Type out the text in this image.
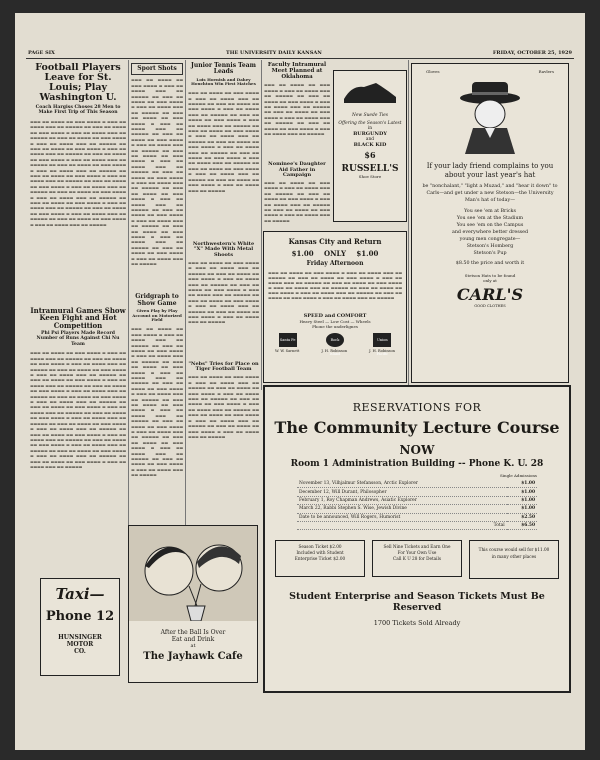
PAGE SIX	THE UNIVERSITY DAILY KANSAN	FRIDAY, OCTOBER 25, 1929
Football Players Leave for St. Louis; Play Washington U.
Coach Hargiss Choses 28 Men to Make First Trip of This Season
▬▬▬ ▬▬ ▬▬▬▬ ▬▬ ▬▬▬ ▬▬▬▬ ▬ ▬▬▬ ▬▬ ▬▬▬▬ ▬▬▬ ▬▬ ▬▬▬▬▬ ▬▬ ▬▬▬ ▬▬ ▬▬▬▬ ▬▬ ▬▬▬ ▬▬▬▬ ▬ ▬▬▬ ▬▬ ▬▬▬▬ ▬▬▬ ▬▬ ▬▬▬▬▬ ▬▬ ▬▬▬ ▬▬ ▬▬▬▬ ▬▬ ▬▬▬ ▬▬▬▬ ▬ ▬▬▬ ▬▬ ▬▬▬▬ ▬▬▬ ▬▬ ▬▬▬▬▬ ▬▬ ▬▬▬ ▬▬ ▬▬▬▬ ▬▬ ▬▬▬ ▬▬▬▬ ▬ ▬▬▬ ▬▬ ▬▬▬▬ ▬▬▬ ▬▬ ▬▬▬▬▬ ▬▬ ▬▬▬ ▬▬ ▬▬▬▬ ▬▬ ▬▬▬ ▬▬▬▬ ▬ ▬▬▬ ▬▬ ▬▬▬▬ ▬▬▬ ▬▬ ▬▬▬▬▬ ▬▬ ▬▬▬ ▬▬ ▬▬▬▬ ▬▬ ▬▬▬ ▬▬▬▬ ▬ ▬▬▬ ▬▬ ▬▬▬▬ ▬▬▬ ▬▬ ▬▬▬▬▬ ▬▬ ▬▬▬ ▬▬ ▬▬▬▬ ▬▬ ▬▬▬ ▬▬▬▬ ▬ ▬▬▬ ▬▬ ▬▬▬▬ ▬▬▬ ▬▬ ▬▬▬▬▬ ▬▬ ▬▬▬ ▬▬ ▬▬▬▬ ▬▬ ▬▬▬ ▬▬▬▬ ▬ ▬▬▬ ▬▬ ▬▬▬▬ ▬▬▬ ▬▬ ▬▬▬▬▬ ▬▬ ▬▬▬ ▬▬ ▬▬▬▬ ▬▬ ▬▬▬ ▬▬▬▬ ▬ ▬▬▬ ▬▬ ▬▬▬▬ ▬▬▬ ▬▬ ▬▬▬▬▬ ▬▬ ▬▬▬ ▬▬ ▬▬▬▬ ▬▬ ▬▬▬ ▬▬▬▬ ▬ ▬▬▬ ▬▬ ▬▬▬▬ ▬▬▬ ▬▬ ▬▬▬▬▬ ▬▬ ▬▬▬ ▬▬ ▬▬▬▬ ▬▬ ▬▬▬ ▬▬▬▬ ▬ ▬▬▬ ▬▬ ▬▬▬▬ ▬▬▬ ▬▬ ▬▬▬▬▬ ▬▬ ▬▬▬ ▬▬ ▬▬▬▬ ▬▬ ▬▬▬ ▬▬▬▬ ▬ ▬▬▬ ▬▬ ▬▬▬▬ ▬▬▬ ▬▬ ▬▬▬▬▬
Intramural Games Show Keen Fight and Hot Competition
Phi Psi Players Made Record Number of Runs Against Chi Nu Team
▬▬▬ ▬▬ ▬▬▬▬ ▬▬ ▬▬▬ ▬▬▬▬ ▬ ▬▬▬ ▬▬ ▬▬▬▬ ▬▬▬ ▬▬ ▬▬▬▬▬ ▬▬ ▬▬▬ ▬▬ ▬▬▬▬ ▬▬ ▬▬▬ ▬▬▬▬ ▬ ▬▬▬ ▬▬ ▬▬▬▬ ▬▬▬ ▬▬ ▬▬▬▬▬ ▬▬ ▬▬▬ ▬▬ ▬▬▬▬ ▬▬ ▬▬▬ ▬▬▬▬ ▬ ▬▬▬ ▬▬ ▬▬▬▬ ▬▬▬ ▬▬ ▬▬▬▬▬ ▬▬ ▬▬▬ ▬▬ ▬▬▬▬ ▬▬ ▬▬▬ ▬▬▬▬ ▬ ▬▬▬ ▬▬ ▬▬▬▬ ▬▬▬ ▬▬ ▬▬▬▬▬ ▬▬ ▬▬▬ ▬▬ ▬▬▬▬ ▬▬ ▬▬▬ ▬▬▬▬ ▬ ▬▬▬ ▬▬ ▬▬▬▬ ▬▬▬ ▬▬ ▬▬▬▬▬ ▬▬ ▬▬▬ ▬▬ ▬▬▬▬ ▬▬ ▬▬▬ ▬▬▬▬ ▬ ▬▬▬ ▬▬ ▬▬▬▬ ▬▬▬ ▬▬ ▬▬▬▬▬ ▬▬ ▬▬▬ ▬▬ ▬▬▬▬ ▬▬ ▬▬▬ ▬▬▬▬ ▬ ▬▬▬ ▬▬ ▬▬▬▬ ▬▬▬ ▬▬ ▬▬▬▬▬ ▬▬ ▬▬▬ ▬▬ ▬▬▬▬ ▬▬ ▬▬▬ ▬▬▬▬ ▬ ▬▬▬ ▬▬ ▬▬▬▬ ▬▬▬ ▬▬ ▬▬▬▬▬ ▬▬ ▬▬▬ ▬▬ ▬▬▬▬ ▬▬ ▬▬▬ ▬▬▬▬ ▬ ▬▬▬ ▬▬ ▬▬▬▬ ▬▬▬ ▬▬ ▬▬▬▬▬ ▬▬ ▬▬▬ ▬▬ ▬▬▬▬ ▬▬ ▬▬▬ ▬▬▬▬ ▬ ▬▬▬ ▬▬ ▬▬▬▬ ▬▬▬ ▬▬ ▬▬▬▬▬ ▬▬ ▬▬▬ ▬▬ ▬▬▬▬ ▬▬ ▬▬▬ ▬▬▬▬ ▬ ▬▬▬ ▬▬ ▬▬▬▬ ▬▬▬ ▬▬ ▬▬▬▬▬ ▬▬ ▬▬▬ ▬▬ ▬▬▬▬ ▬▬ ▬▬▬ ▬▬▬▬ ▬ ▬▬▬ ▬▬ ▬▬▬▬ ▬▬▬ ▬▬ ▬▬▬▬▬ ▬▬ ▬▬▬ ▬▬ ▬▬▬▬ ▬▬ ▬▬▬ ▬▬▬▬ ▬ ▬▬▬ ▬▬ ▬▬▬▬ ▬▬▬ ▬▬ ▬▬▬▬▬
Taxi—
Phone 12
HUNSINGER
MOTOR
CO.
Sport Shots
▬▬▬ ▬▬ ▬▬▬▬ ▬▬ ▬▬▬ ▬▬▬▬ ▬ ▬▬▬ ▬▬ ▬▬▬▬ ▬▬▬ ▬▬ ▬▬▬▬▬ ▬▬ ▬▬▬ ▬▬ ▬▬▬▬ ▬▬ ▬▬▬ ▬▬▬▬ ▬ ▬▬▬ ▬▬ ▬▬▬▬ ▬▬▬ ▬▬ ▬▬▬▬▬ ▬▬ ▬▬▬ ▬▬ ▬▬▬▬ ▬▬ ▬▬▬ ▬▬▬▬ ▬ ▬▬▬ ▬▬ ▬▬▬▬ ▬▬▬ ▬▬ ▬▬▬▬▬ ▬▬ ▬▬▬ ▬▬ ▬▬▬▬ ▬▬ ▬▬▬ ▬▬▬▬ ▬ ▬▬▬ ▬▬ ▬▬▬▬ ▬▬▬ ▬▬ ▬▬▬▬▬ ▬▬ ▬▬▬ ▬▬ ▬▬▬▬ ▬▬ ▬▬▬ ▬▬▬▬ ▬ ▬▬▬ ▬▬ ▬▬▬▬ ▬▬▬ ▬▬ ▬▬▬▬▬ ▬▬ ▬▬▬ ▬▬ ▬▬▬▬ ▬▬ ▬▬▬ ▬▬▬▬ ▬ ▬▬▬ ▬▬ ▬▬▬▬ ▬▬▬ ▬▬ ▬▬▬▬▬ ▬▬ ▬▬▬ ▬▬ ▬▬▬▬ ▬▬ ▬▬▬ ▬▬▬▬ ▬ ▬▬▬ ▬▬ ▬▬▬▬ ▬▬▬ ▬▬ ▬▬▬▬▬ ▬▬ ▬▬▬ ▬▬ ▬▬▬▬ ▬▬ ▬▬▬ ▬▬▬▬ ▬ ▬▬▬ ▬▬ ▬▬▬▬ ▬▬▬ ▬▬ ▬▬▬▬▬ ▬▬ ▬▬▬ ▬▬ ▬▬▬▬ ▬▬ ▬▬▬ ▬▬▬▬ ▬ ▬▬▬ ▬▬ ▬▬▬▬ ▬▬▬ ▬▬ ▬▬▬▬▬ ▬▬ ▬▬▬ ▬▬ ▬▬▬▬ ▬▬ ▬▬▬ ▬▬▬▬ ▬ ▬▬▬ ▬▬ ▬▬▬▬ ▬▬▬ ▬▬ ▬▬▬▬▬
Gridgraph to Show Game
Given Play by Play Account on Motorized Field
▬▬▬ ▬▬ ▬▬▬▬ ▬▬ ▬▬▬ ▬▬▬▬ ▬ ▬▬▬ ▬▬ ▬▬▬▬ ▬▬▬ ▬▬ ▬▬▬▬▬ ▬▬ ▬▬▬ ▬▬ ▬▬▬▬ ▬▬ ▬▬▬ ▬▬▬▬ ▬ ▬▬▬ ▬▬ ▬▬▬▬ ▬▬▬ ▬▬ ▬▬▬▬▬ ▬▬ ▬▬▬ ▬▬ ▬▬▬▬ ▬▬ ▬▬▬ ▬▬▬▬ ▬ ▬▬▬ ▬▬ ▬▬▬▬ ▬▬▬ ▬▬ ▬▬▬▬▬ ▬▬ ▬▬▬ ▬▬ ▬▬▬▬ ▬▬ ▬▬▬ ▬▬▬▬ ▬ ▬▬▬ ▬▬ ▬▬▬▬ ▬▬▬ ▬▬ ▬▬▬▬▬ ▬▬ ▬▬▬ ▬▬ ▬▬▬▬ ▬▬ ▬▬▬ ▬▬▬▬ ▬ ▬▬▬ ▬▬ ▬▬▬▬ ▬▬▬ ▬▬ ▬▬▬▬▬ ▬▬ ▬▬▬ ▬▬ ▬▬▬▬ ▬▬ ▬▬▬ ▬▬▬▬ ▬ ▬▬▬ ▬▬ ▬▬▬▬ ▬▬▬ ▬▬ ▬▬▬▬▬ ▬▬ ▬▬▬ ▬▬ ▬▬▬▬ ▬▬ ▬▬▬ ▬▬▬▬ ▬ ▬▬▬ ▬▬ ▬▬▬▬ ▬▬▬ ▬▬ ▬▬▬▬▬ ▬▬ ▬▬▬ ▬▬ ▬▬▬▬ ▬▬ ▬▬▬ ▬▬▬▬ ▬ ▬▬▬ ▬▬ ▬▬▬▬ ▬▬▬ ▬▬ ▬▬▬▬▬
Junior Tennis Team Leads
Lois Hoenish and Dahey Houchton Win First Matches
▬▬▬ ▬▬ ▬▬▬▬ ▬▬ ▬▬▬ ▬▬▬▬ ▬ ▬▬▬ ▬▬ ▬▬▬▬ ▬▬▬ ▬▬ ▬▬▬▬▬ ▬▬ ▬▬▬ ▬▬ ▬▬▬▬ ▬▬ ▬▬▬ ▬▬▬▬ ▬ ▬▬▬ ▬▬ ▬▬▬▬ ▬▬▬ ▬▬ ▬▬▬▬▬ ▬▬ ▬▬▬ ▬▬ ▬▬▬▬ ▬▬ ▬▬▬ ▬▬▬▬ ▬ ▬▬▬ ▬▬ ▬▬▬▬ ▬▬▬ ▬▬ ▬▬▬▬▬ ▬▬ ▬▬▬ ▬▬ ▬▬▬▬ ▬▬ ▬▬▬ ▬▬▬▬ ▬ ▬▬▬ ▬▬ ▬▬▬▬ ▬▬▬ ▬▬ ▬▬▬▬▬ ▬▬ ▬▬▬ ▬▬ ▬▬▬▬ ▬▬ ▬▬▬ ▬▬▬▬ ▬ ▬▬▬ ▬▬ ▬▬▬▬ ▬▬▬ ▬▬ ▬▬▬▬▬ ▬▬ ▬▬▬ ▬▬ ▬▬▬▬ ▬▬ ▬▬▬ ▬▬▬▬ ▬ ▬▬▬ ▬▬ ▬▬▬▬ ▬▬▬ ▬▬ ▬▬▬▬▬ ▬▬ ▬▬▬ ▬▬ ▬▬▬▬ ▬▬ ▬▬▬ ▬▬▬▬ ▬ ▬▬▬ ▬▬ ▬▬▬▬ ▬▬▬ ▬▬ ▬▬▬▬▬ ▬▬ ▬▬▬ ▬▬ ▬▬▬▬ ▬▬ ▬▬▬ ▬▬▬▬ ▬ ▬▬▬ ▬▬ ▬▬▬▬ ▬▬▬ ▬▬ ▬▬▬▬▬
Northwestern's White "X" Made With Metal Shoots
▬▬▬ ▬▬ ▬▬▬▬ ▬▬ ▬▬▬ ▬▬▬▬ ▬ ▬▬▬ ▬▬ ▬▬▬▬ ▬▬▬ ▬▬ ▬▬▬▬▬ ▬▬ ▬▬▬ ▬▬ ▬▬▬▬ ▬▬ ▬▬▬ ▬▬▬▬ ▬ ▬▬▬ ▬▬ ▬▬▬▬ ▬▬▬ ▬▬ ▬▬▬▬▬ ▬▬ ▬▬▬ ▬▬ ▬▬▬▬ ▬▬ ▬▬▬ ▬▬▬▬ ▬ ▬▬▬ ▬▬ ▬▬▬▬ ▬▬▬ ▬▬ ▬▬▬▬▬ ▬▬ ▬▬▬ ▬▬ ▬▬▬▬ ▬▬ ▬▬▬ ▬▬▬▬ ▬ ▬▬▬ ▬▬ ▬▬▬▬ ▬▬▬ ▬▬ ▬▬▬▬▬ ▬▬ ▬▬▬ ▬▬ ▬▬▬▬ ▬▬ ▬▬▬ ▬▬▬▬ ▬ ▬▬▬ ▬▬ ▬▬▬▬ ▬▬▬ ▬▬ ▬▬▬▬▬
"Nebs" Tries for Place on Tiger Football Team
▬▬▬ ▬▬ ▬▬▬▬ ▬▬ ▬▬▬ ▬▬▬▬ ▬ ▬▬▬ ▬▬ ▬▬▬▬ ▬▬▬ ▬▬ ▬▬▬▬▬ ▬▬ ▬▬▬ ▬▬ ▬▬▬▬ ▬▬ ▬▬▬ ▬▬▬▬ ▬ ▬▬▬ ▬▬ ▬▬▬▬ ▬▬▬ ▬▬ ▬▬▬▬▬ ▬▬ ▬▬▬ ▬▬ ▬▬▬▬ ▬▬ ▬▬▬ ▬▬▬▬ ▬ ▬▬▬ ▬▬ ▬▬▬▬ ▬▬▬ ▬▬ ▬▬▬▬▬ ▬▬ ▬▬▬ ▬▬ ▬▬▬▬ ▬▬ ▬▬▬ ▬▬▬▬ ▬ ▬▬▬ ▬▬ ▬▬▬▬ ▬▬▬ ▬▬ ▬▬▬▬▬ ▬▬ ▬▬▬ ▬▬ ▬▬▬▬ ▬▬ ▬▬▬ ▬▬▬▬ ▬ ▬▬▬ ▬▬ ▬▬▬▬ ▬▬▬ ▬▬ ▬▬▬▬▬
After the Ball Is Over
Eat and Drink
at
The Jayhawk Cafe
Faculty Intramural Meet Planned at Oklahoma
▬▬▬ ▬▬ ▬▬▬▬ ▬▬ ▬▬▬ ▬▬▬▬ ▬ ▬▬▬ ▬▬ ▬▬▬▬ ▬▬▬ ▬▬ ▬▬▬▬▬ ▬▬ ▬▬▬ ▬▬ ▬▬▬▬ ▬▬ ▬▬▬ ▬▬▬▬ ▬ ▬▬▬ ▬▬ ▬▬▬▬ ▬▬▬ ▬▬ ▬▬▬▬▬ ▬▬ ▬▬▬ ▬▬ ▬▬▬▬ ▬▬ ▬▬▬ ▬▬▬▬ ▬ ▬▬▬ ▬▬ ▬▬▬▬ ▬▬▬ ▬▬ ▬▬▬▬▬ ▬▬ ▬▬▬ ▬▬ ▬▬▬▬ ▬▬ ▬▬▬ ▬▬▬▬ ▬ ▬▬▬ ▬▬ ▬▬▬▬ ▬▬▬ ▬▬ ▬▬▬▬▬
Nominee's Daughter Aid Father in Campaign
▬▬▬ ▬▬ ▬▬▬▬ ▬▬ ▬▬▬ ▬▬▬▬ ▬ ▬▬▬ ▬▬ ▬▬▬▬ ▬▬▬ ▬▬ ▬▬▬▬▬ ▬▬ ▬▬▬ ▬▬ ▬▬▬▬ ▬▬ ▬▬▬ ▬▬▬▬ ▬ ▬▬▬ ▬▬ ▬▬▬▬ ▬▬▬ ▬▬ ▬▬▬▬▬ ▬▬ ▬▬▬ ▬▬ ▬▬▬▬ ▬▬ ▬▬▬ ▬▬▬▬ ▬ ▬▬▬ ▬▬ ▬▬▬▬ ▬▬▬ ▬▬ ▬▬▬▬▬
New Suede Ties
Offering the Season's Latest
in
BURGUNDY
and
BLACK KID
$6
RUSSELL'S
Shoe Store
Kansas City and Return
$1.00 ONLY $1.00
Friday Afternoon
▬▬▬ ▬▬ ▬▬▬▬ ▬▬ ▬▬▬ ▬▬▬▬ ▬ ▬▬▬ ▬▬ ▬▬▬▬ ▬▬▬ ▬▬ ▬▬▬▬▬ ▬▬ ▬▬▬ ▬▬ ▬▬▬▬ ▬▬ ▬▬▬ ▬▬▬▬ ▬ ▬▬▬ ▬▬ ▬▬▬▬ ▬▬▬ ▬▬ ▬▬▬▬▬ ▬▬ ▬▬▬ ▬▬ ▬▬▬▬ ▬▬ ▬▬▬ ▬▬▬▬ ▬ ▬▬▬ ▬▬ ▬▬▬▬ ▬▬▬ ▬▬ ▬▬▬▬▬ ▬▬ ▬▬▬ ▬▬ ▬▬▬▬ ▬▬ ▬▬▬ ▬▬▬▬ ▬ ▬▬▬ ▬▬ ▬▬▬▬ ▬▬▬ ▬▬ ▬▬▬▬▬ ▬▬ ▬▬▬ ▬▬ ▬▬▬▬ ▬▬ ▬▬▬ ▬▬▬▬ ▬ ▬▬▬ ▬▬ ▬▬▬▬ ▬▬▬ ▬▬ ▬▬▬▬▬
SPEED and COMFORT
Heavy Steel — Low Cost — Wheels
Phone the underlignes
Santa Fe	Rock Island
Union Pacific
W. W. Sarnett	J. H. Robinson	J. H. Robinson
Gloves	Ravlers
If your lady friend complains to you about your last year's hat
be "nonchalant," "light a Muzad," and "hear it down" to Carls—and get under a new Stetson—the University Man's hat of today—
You see 'em at Bricks
You see 'em at the Stadium
You see 'em on the Campus
and everywhere better dressed
young men congregate—
Stetson's Homberg
Stetson's Pup
$8.50 the price and worth it
Stetson Hats to be found
only at
CARL'S
GOOD CLOTHES
RESERVATIONS FOR
The Community Lecture Course
NOW
Room 1 Administration Building -- Phone K. U. 28
Single Admissions
November 13, Vilhjalmur Stefansson, Arctic Explorer	$1.00
December 12, Will Durant, Philosopher	$1.00
February 1, Roy Chapman Andrews, Asiatic Explorer	$1.00
March 22, Rabbi Stephen S. Wise, Jewish Divine	$1.00
Date to be announced, Will Rogers, Humorist	$2.50
Total	$6.50
Season Ticket $2.00
Included with Student
Enterprise Ticket $2.00
Sell Nine Tickets and Earn One
For Your Own Use
Call K U 28 for Details
This course would sell for $11.00
in many other places
Student Enterprise and Season Tickets Must Be Reserved
1700 Tickets Sold Already
